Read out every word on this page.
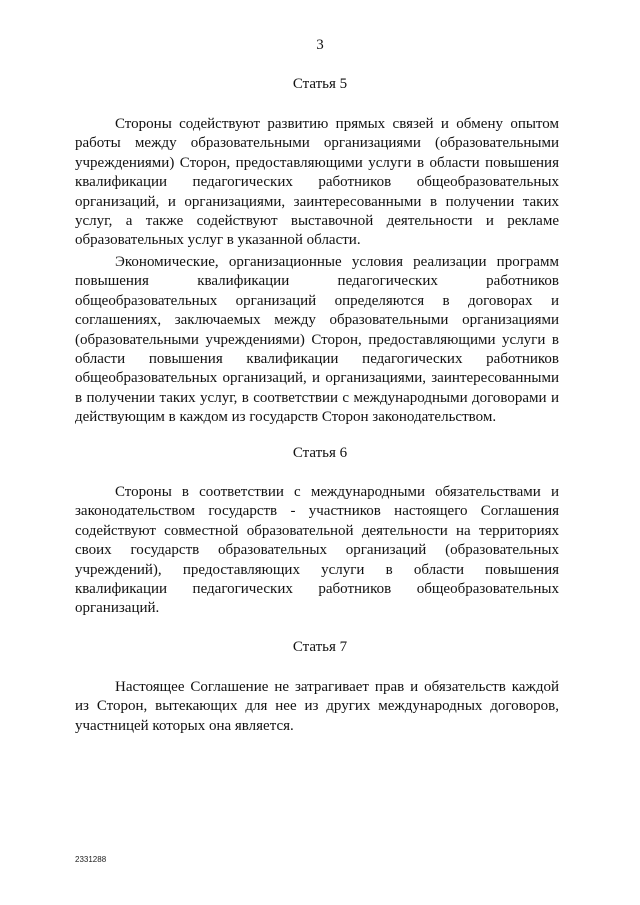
3
Статья 5

Стороны содействуют развитию прямых связей и обмену опытом работы между образовательными организациями (образовательными учреждениями) Сторон, предоставляющими услуги в области повышения квалификации педагогических работников общеобразовательных организаций, и организациями, заинтересованными в получении таких услуг, а также содействуют выставочной деятельности и рекламе образовательных услуг в указанной области.

Экономические, организационные условия реализации программ повышения квалификации педагогических работников общеобразовательных организаций определяются в договорах и соглашениях, заключаемых между образовательными организациями (образовательными учреждениями) Сторон, предоставляющими услуги в области повышения квалификации педагогических работников общеобразовательных организаций, и организациями, заинтересованными в получении таких услуг, в соответствии с международными договорами и действующим в каждом из государств Сторон законодательством.

Статья 6

Стороны в соответствии с международными обязательствами и законодательством государств - участников настоящего Соглашения содействуют совместной образовательной деятельности на территориях своих государств образовательных организаций (образовательных учреждений), предоставляющих услуги в области повышения квалификации педагогических работников общеобразовательных организаций.

Статья 7

Настоящее Соглашение не затрагивает прав и обязательств каждой из Сторон, вытекающих для нее из других международных договоров, участницей которых она является.

2331288
